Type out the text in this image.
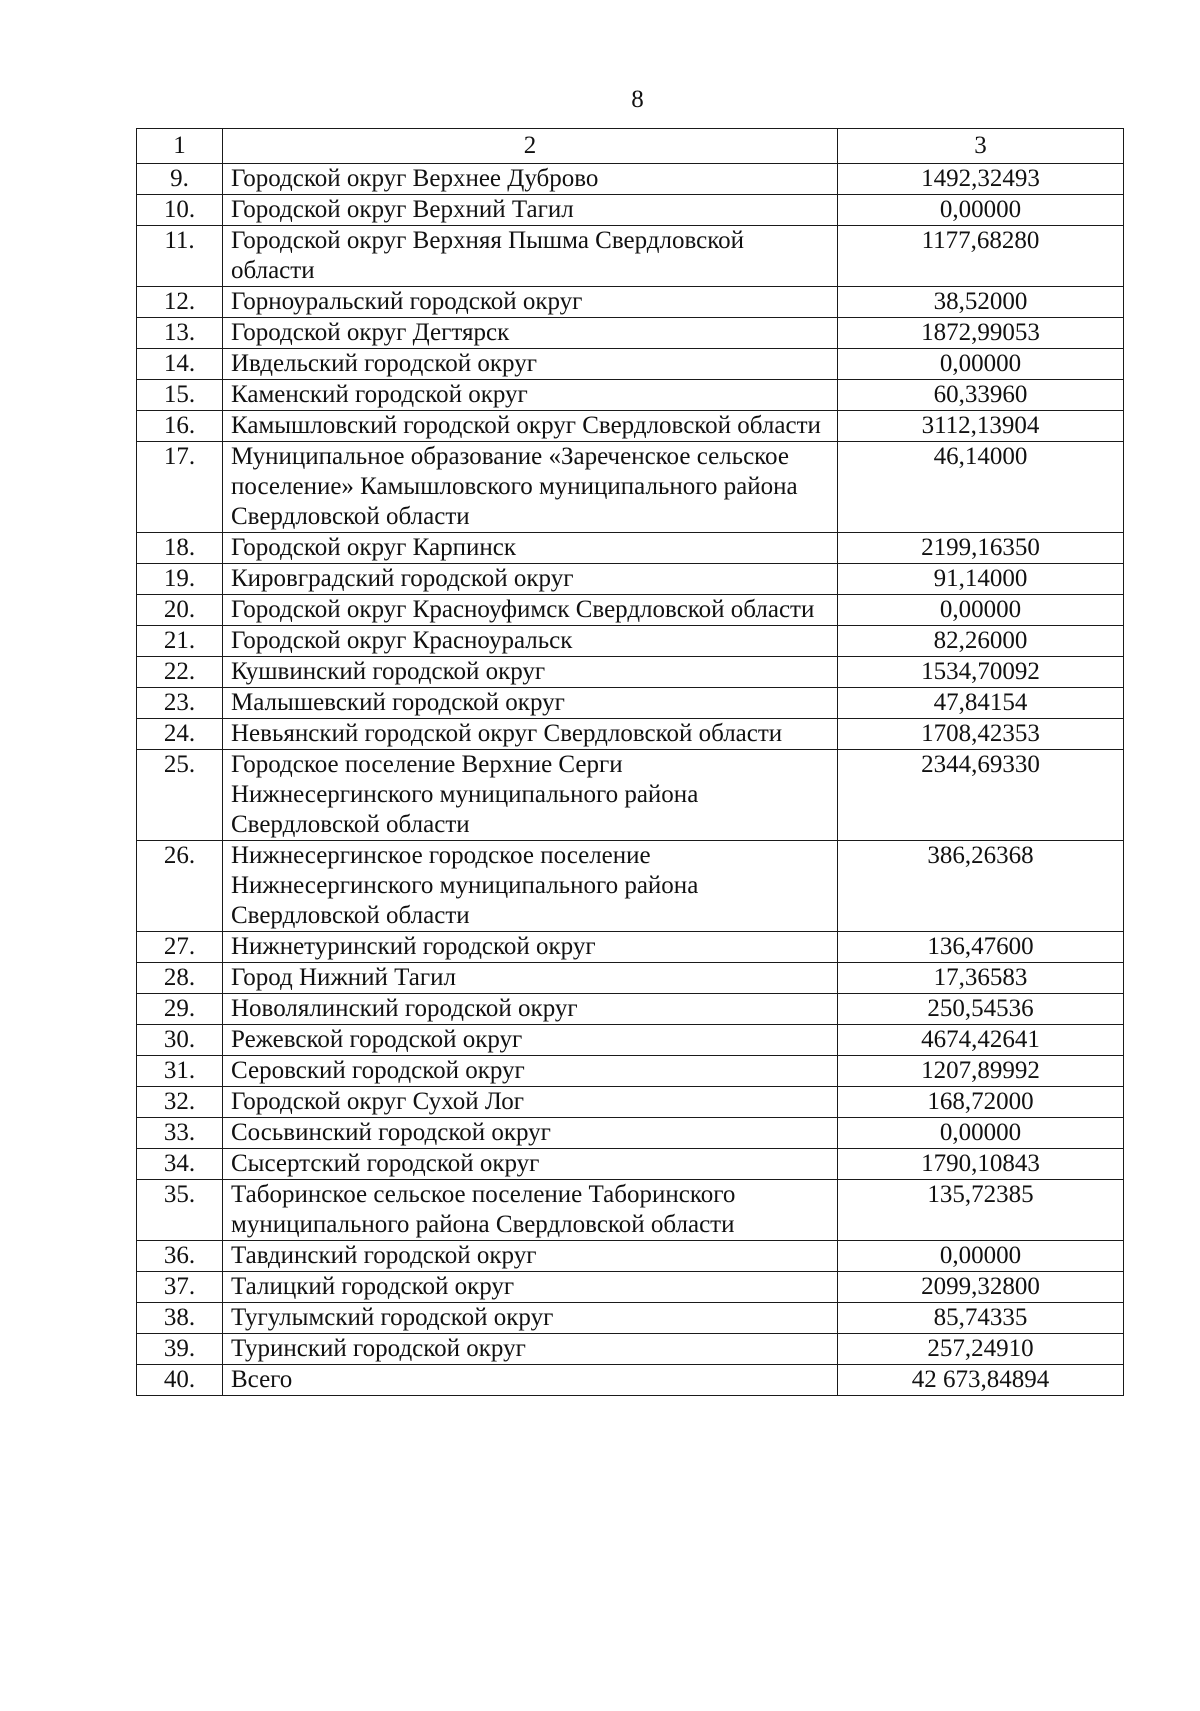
8
1	2	3
9.	Городской округ Верхнее Дуброво	1492,32493
10.	Городской округ Верхний Тагил	0,00000
11.	Городской округ Верхняя Пышма Свердловской области	1177,68280
12.	Горноуральский городской округ	38,52000
13.	Городской округ Дегтярск	1872,99053
14.	Ивдельский городской округ	0,00000
15.	Каменский городской округ	60,33960
16.	Камышловский городской округ Свердловской области	3112,13904
17.	Муниципальное образование «Зареченское сельское поселение» Камышловского муниципального района Свердловской области	46,14000
18.	Городской округ Карпинск	2199,16350
19.	Кировградский городской округ	91,14000
20.	Городской округ Красноуфимск Свердловской области	0,00000
21.	Городской округ Красноуральск	82,26000
22.	Кушвинский городской округ	1534,70092
23.	Малышевский городской округ	47,84154
24.	Невьянский городской округ Свердловской области	1708,42353
25.	Городское поселение Верхние Серги Нижнесергинского муниципального района Свердловской области	2344,69330
26.	Нижнесергинское городское поселение Нижнесергинского муниципального района Свердловской области	386,26368
27.	Нижнетуринский городской округ	136,47600
28.	Город Нижний Тагил	17,36583
29.	Новолялинский городской округ	250,54536
30.	Режевской городской округ	4674,42641
31.	Серовский городской округ	1207,89992
32.	Городской округ Сухой Лог	168,72000
33.	Сосьвинский городской округ	0,00000
34.	Сысертский городской округ	1790,10843
35.	Таборинское сельское поселение Таборинского муниципального района Свердловской области	135,72385
36.	Тавдинский городской округ	0,00000
37.	Талицкий городской округ	2099,32800
38.	Тугулымский городской округ	85,74335
39.	Туринский городской округ	257,24910
40.	Всего	42 673,84894
